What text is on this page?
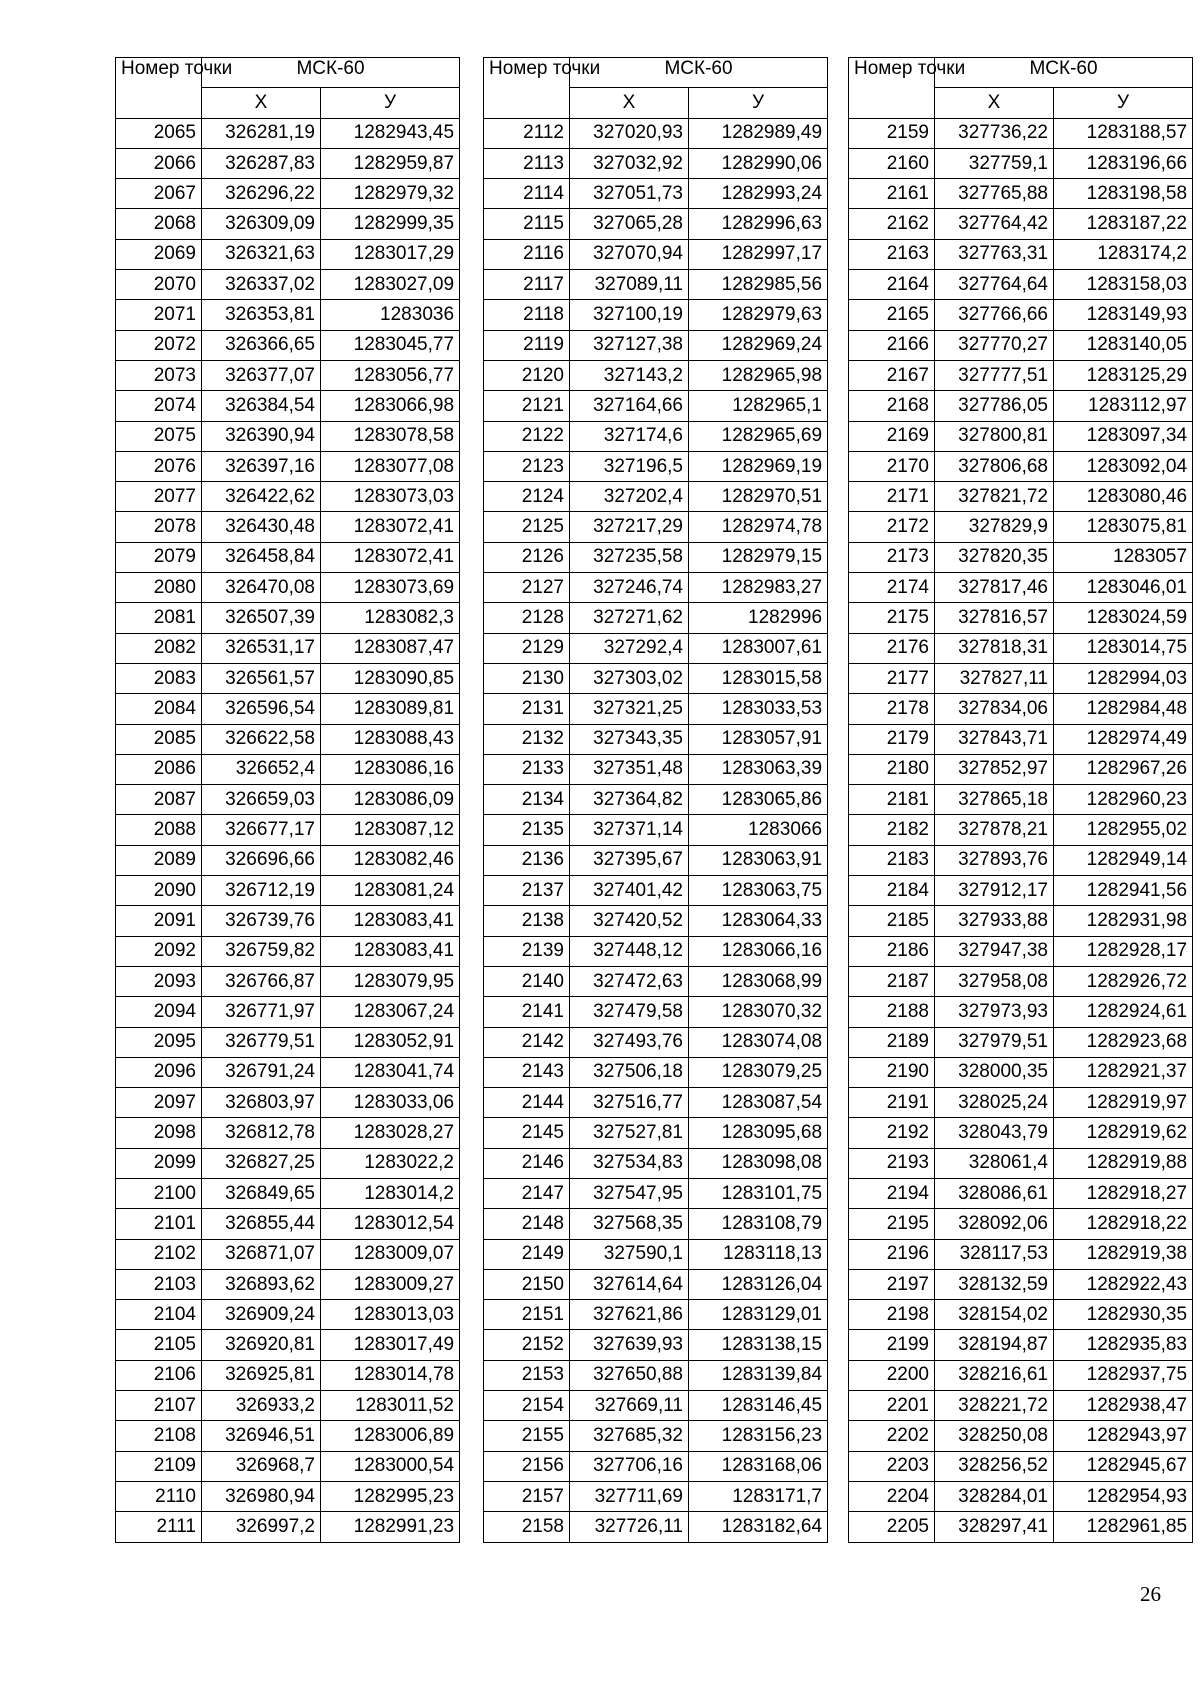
Номер точки	МСК-60	
	Х	У
2065	326281,19	1282943,45
2066	326287,83	1282959,87
2067	326296,22	1282979,32
2068	326309,09	1282999,35
2069	326321,63	1283017,29
2070	326337,02	1283027,09
2071	326353,81	1283036
2072	326366,65	1283045,77
2073	326377,07	1283056,77
2074	326384,54	1283066,98
2075	326390,94	1283078,58
2076	326397,16	1283077,08
2077	326422,62	1283073,03
2078	326430,48	1283072,41
2079	326458,84	1283072,41
2080	326470,08	1283073,69
2081	326507,39	1283082,3
2082	326531,17	1283087,47
2083	326561,57	1283090,85
2084	326596,54	1283089,81
2085	326622,58	1283088,43
2086	326652,4	1283086,16
2087	326659,03	1283086,09
2088	326677,17	1283087,12
2089	326696,66	1283082,46
2090	326712,19	1283081,24
2091	326739,76	1283083,41
2092	326759,82	1283083,41
2093	326766,87	1283079,95
2094	326771,97	1283067,24
2095	326779,51	1283052,91
2096	326791,24	1283041,74
2097	326803,97	1283033,06
2098	326812,78	1283028,27
2099	326827,25	1283022,2
2100	326849,65	1283014,2
2101	326855,44	1283012,54
2102	326871,07	1283009,07
2103	326893,62	1283009,27
2104	326909,24	1283013,03
2105	326920,81	1283017,49
2106	326925,81	1283014,78
2107	326933,2	1283011,52
2108	326946,51	1283006,89
2109	326968,7	1283000,54
2110	326980,94	1282995,23
2111	326997,2	1282991,23
Номер точки	МСК-60	
	Х	У
2112	327020,93	1282989,49
2113	327032,92	1282990,06
2114	327051,73	1282993,24
2115	327065,28	1282996,63
2116	327070,94	1282997,17
2117	327089,11	1282985,56
2118	327100,19	1282979,63
2119	327127,38	1282969,24
2120	327143,2	1282965,98
2121	327164,66	1282965,1
2122	327174,6	1282965,69
2123	327196,5	1282969,19
2124	327202,4	1282970,51
2125	327217,29	1282974,78
2126	327235,58	1282979,15
2127	327246,74	1282983,27
2128	327271,62	1282996
2129	327292,4	1283007,61
2130	327303,02	1283015,58
2131	327321,25	1283033,53
2132	327343,35	1283057,91
2133	327351,48	1283063,39
2134	327364,82	1283065,86
2135	327371,14	1283066
2136	327395,67	1283063,91
2137	327401,42	1283063,75
2138	327420,52	1283064,33
2139	327448,12	1283066,16
2140	327472,63	1283068,99
2141	327479,58	1283070,32
2142	327493,76	1283074,08
2143	327506,18	1283079,25
2144	327516,77	1283087,54
2145	327527,81	1283095,68
2146	327534,83	1283098,08
2147	327547,95	1283101,75
2148	327568,35	1283108,79
2149	327590,1	1283118,13
2150	327614,64	1283126,04
2151	327621,86	1283129,01
2152	327639,93	1283138,15
2153	327650,88	1283139,84
2154	327669,11	1283146,45
2155	327685,32	1283156,23
2156	327706,16	1283168,06
2157	327711,69	1283171,7
2158	327726,11	1283182,64
Номер точки	МСК-60	
	Х	У
2159	327736,22	1283188,57
2160	327759,1	1283196,66
2161	327765,88	1283198,58
2162	327764,42	1283187,22
2163	327763,31	1283174,2
2164	327764,64	1283158,03
2165	327766,66	1283149,93
2166	327770,27	1283140,05
2167	327777,51	1283125,29
2168	327786,05	1283112,97
2169	327800,81	1283097,34
2170	327806,68	1283092,04
2171	327821,72	1283080,46
2172	327829,9	1283075,81
2173	327820,35	1283057
2174	327817,46	1283046,01
2175	327816,57	1283024,59
2176	327818,31	1283014,75
2177	327827,11	1282994,03
2178	327834,06	1282984,48
2179	327843,71	1282974,49
2180	327852,97	1282967,26
2181	327865,18	1282960,23
2182	327878,21	1282955,02
2183	327893,76	1282949,14
2184	327912,17	1282941,56
2185	327933,88	1282931,98
2186	327947,38	1282928,17
2187	327958,08	1282926,72
2188	327973,93	1282924,61
2189	327979,51	1282923,68
2190	328000,35	1282921,37
2191	328025,24	1282919,97
2192	328043,79	1282919,62
2193	328061,4	1282919,88
2194	328086,61	1282918,27
2195	328092,06	1282918,22
2196	328117,53	1282919,38
2197	328132,59	1282922,43
2198	328154,02	1282930,35
2199	328194,87	1282935,83
2200	328216,61	1282937,75
2201	328221,72	1282938,47
2202	328250,08	1282943,97
2203	328256,52	1282945,67
2204	328284,01	1282954,93
2205	328297,41	1282961,85
26
